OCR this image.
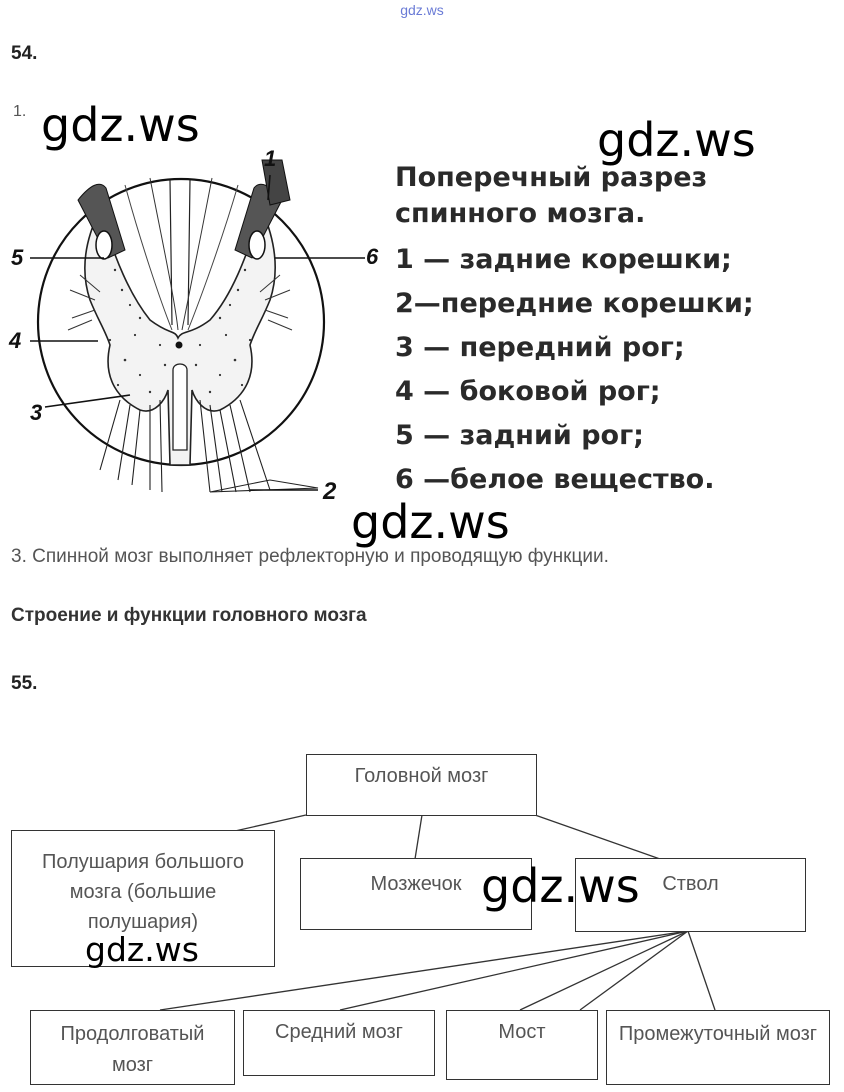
gdz.ws
54.
1.
1
2
3
4
5	6
Поперечный разрез
спинного мозга.
1 — задние корешки;
2—передние корешки;
3 — передний рог;
4 — боковой рог;
5 — задний рог;
6 —белое вещество.
3. Спинной мозг выполняет рефлекторную и проводящую функции.
Строение и функции головного мозга
55.
Головной мозг
Полушария большого мозга (большие полушария)
Мозжечок	Ствол
Продолговатый мозг
Средний мозг	Мост	Промежуточный мозг
gdz.ws	gdz.ws
gdz.ws
gdz.ws
gdz.ws
